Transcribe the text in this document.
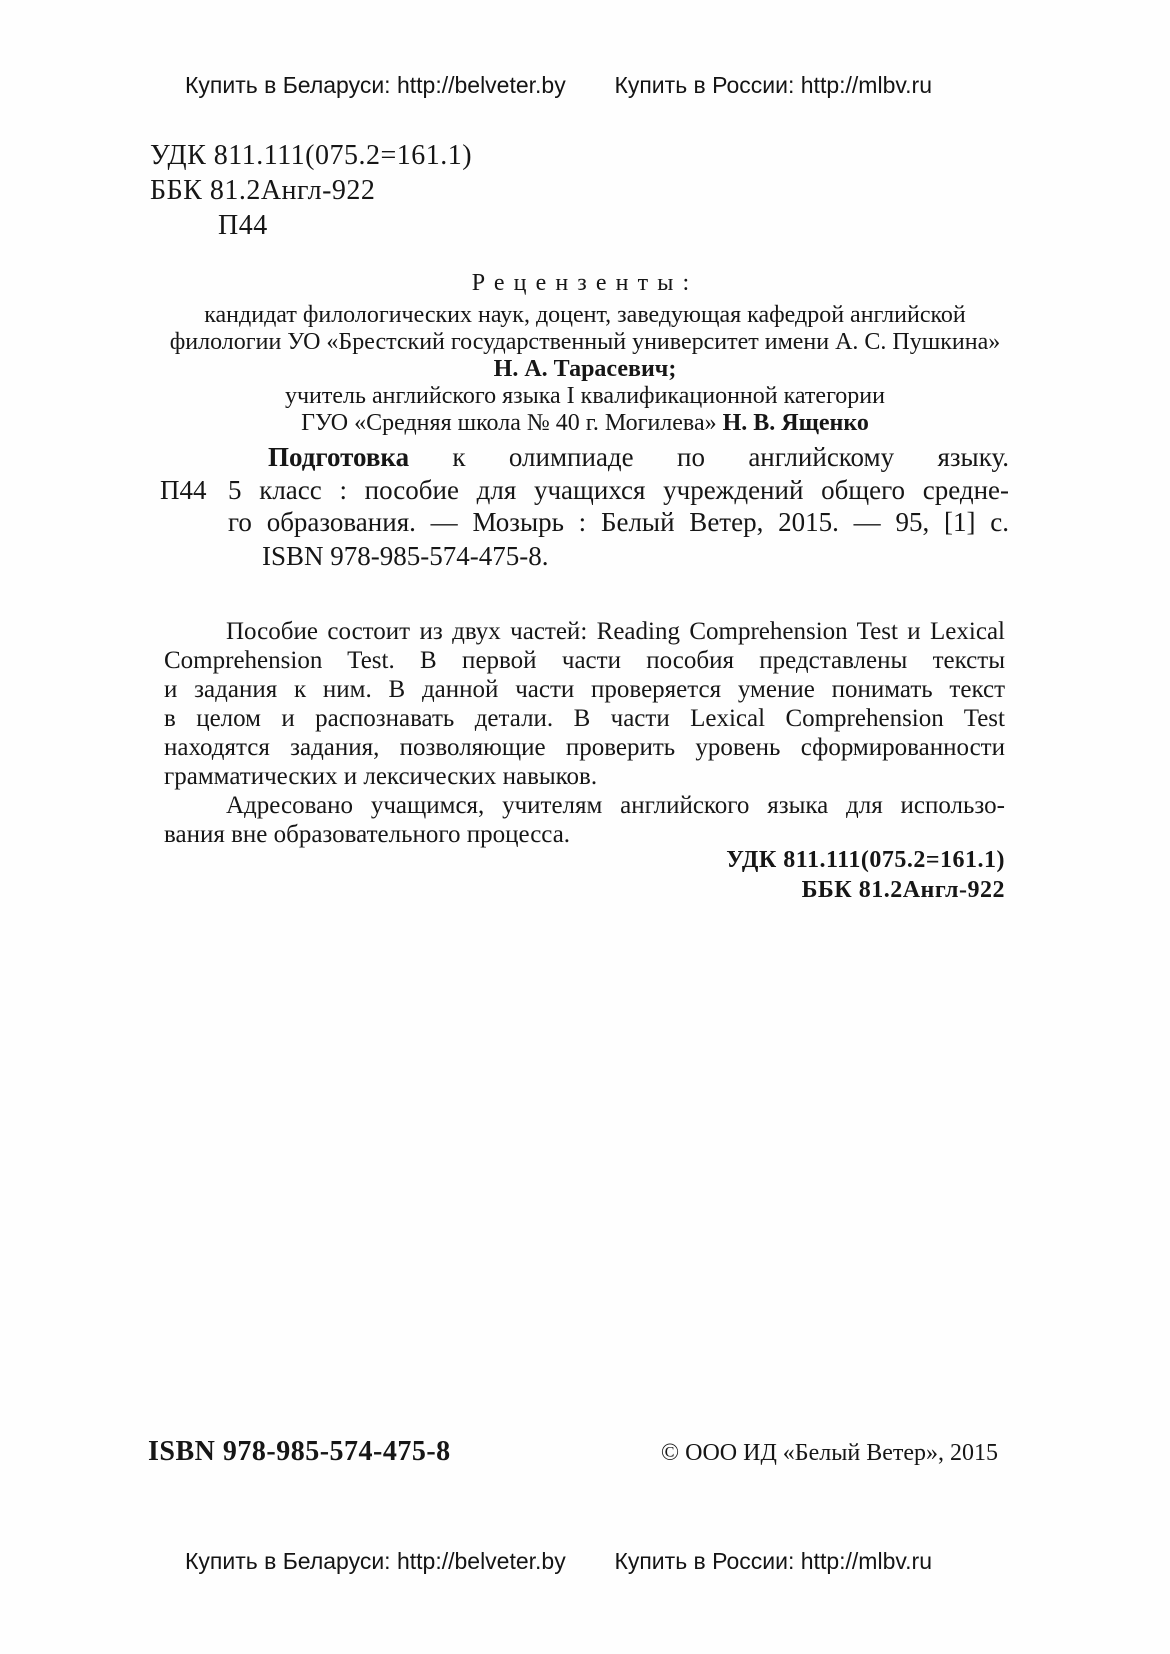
Купить в Беларуси: http://belveter.by Купить в России: http://mlbv.ru
УДК 811.111(075.2=161.1)
ББК 81.2Англ-922
П44
Рецензенты:
кандидат филологических наук, доцент, заведующая кафедрой английской
филологии УО «Брестский государственный университет имени А. С. Пушкина»
Н. А. Тарасевич;
учитель английского языка I квалификационной категории
ГУО «Средняя школа № 40 г. Могилева» Н. В. Ященко
П44
Подготовка к олимпиаде по английскому языку.
5 класс : пособие для учащихся учреждений общего средне-
го образования. — Мозырь : Белый Ветер, 2015. — 95, [1] с.
ISBN 978-985-574-475-8.
Пособие состоит из двух частей: Reading Comprehension Test и Lexical
Comprehension Test. В первой части пособия представлены тексты
и задания к ним. В данной части проверяется умение понимать текст
в целом и распознавать детали. В части Lexical Comprehension Test
находятся задания, позволяющие проверить уровень сформированности
грамматических и лексических навыков.
Адресовано учащимся, учителям английского языка для использо-
вания вне образовательного процесса.
УДК 811.111(075.2=161.1)
ББК 81.2Англ-922
ISBN 978-985-574-475-8	© ООО ИД «Белый Ветер», 2015
Купить в Беларуси: http://belveter.by Купить в России: http://mlbv.ru
